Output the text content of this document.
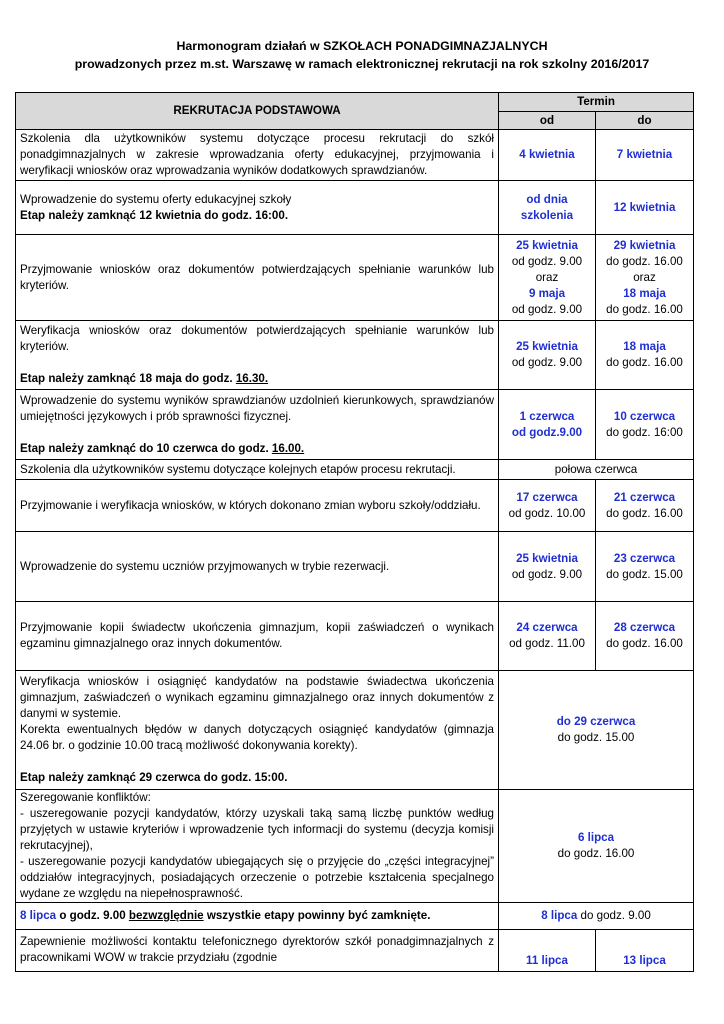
Harmonogram działań w SZKOŁACH PONADGIMNAZJALNYCH
prowadzonych przez m.st. Warszawę w ramach elektronicznej rekrutacji na rok szkolny 2016/2017
REKRUTACJA PODSTAWOWA	Termin	
	od	do
Szkolenia dla użytkowników systemu dotyczące procesu rekrutacji do szkół ponadgimnazjalnych w zakresie wprowadzania oferty edukacyjnej, przyjmowania i weryfikacji wniosków oraz wprowadzania wyników dodatkowych sprawdzianów.	4 kwietnia	7 kwietnia

Wprowadzenie do systemu oferty edukacyjnej szkoły
Etap należy zamknąć 12 kwietnia do godz. 16:00.	od dnia
szkolenia	12 kwietnia
Przyjmowanie wniosków oraz dokumentów potwierdzających spełnianie warunków lub kryteriów.	25 kwietnia
od godz. 9.00
oraz
9 maja
od godz. 9.00	29 kwietnia
do godz. 16.00
oraz
18 maja
do godz. 16.00

Weryfikacja wniosków oraz dokumentów potwierdzających spełnianie warunków lub kryteriów.
Etap należy zamknąć 18 maja do godz. 16.30.	25 kwietnia
od godz. 9.00	18 maja
do godz. 16.00

Wprowadzenie do systemu wyników sprawdzianów uzdolnień kierunkowych, sprawdzianów umiejętności językowych i prób sprawności fizycznej.
Etap należy zamknąć do 10 czerwca do godz. 16.00.	1 czerwca
od godz.9.00	10 czerwca
do godz. 16:00

Szkolenia dla użytkowników systemu dotyczące kolejnych etapów procesu rekrutacji.	połowa czerwca	
Przyjmowanie i weryfikacja wniosków, w których dokonano zmian wyboru szkoły/oddziału.	17 czerwca
od godz. 10.00	21 czerwca
do godz. 16.00

Wprowadzenie do systemu uczniów przyjmowanych w trybie rezerwacji.	25 kwietnia
od godz. 9.00	23 czerwca
do godz. 15.00

Przyjmowanie kopii świadectw ukończenia gimnazjum, kopii zaświadczeń o wynikach egzaminu gimnazjalnego oraz innych dokumentów.	24 czerwca
od godz. 11.00	28 czerwca
do godz. 16.00

Weryfikacja wniosków i osiągnięć kandydatów na podstawie świadectwa ukończenia gimnazjum, zaświadczeń o wynikach egzaminu gimnazjalnego oraz innych dokumentów z danymi w systemie.
Korekta ewentualnych błędów w danych dotyczących osiągnięć kandydatów (gimnazja 24.06 br. o godzinie 10.00 tracą możliwość dokonywania korekty).
Etap należy zamknąć 29 czerwca do godz. 15:00.	do 29 czerwca
do godz. 15.00	

Szeregowanie konfliktów:
- uszeregowanie pozycji kandydatów, którzy uzyskali taką samą liczbę punktów według przyjętych w ustawie kryteriów i wprowadzenie tych informacji do systemu (decyzja komisji rekrutacyjnej),
- uszeregowanie pozycji kandydatów ubiegających się o przyjęcie do „części integracyjnej” oddziałów integracyjnych, posiadających orzeczenie o potrzebie kształcenia specjalnego wydane ze względu na niepełnosprawność.	6 lipca
do godz. 16.00	

8 lipca o godz. 9.00 bezwzględnie wszystkie etapy powinny być zamknięte.	8 lipca do godz. 9.00	
Zapewnienie możliwości kontaktu telefonicznego dyrektorów szkół ponadgimnazjalnych z pracownikami WOW w trakcie przydziału (zgodnie	11 lipca	13 lipca
